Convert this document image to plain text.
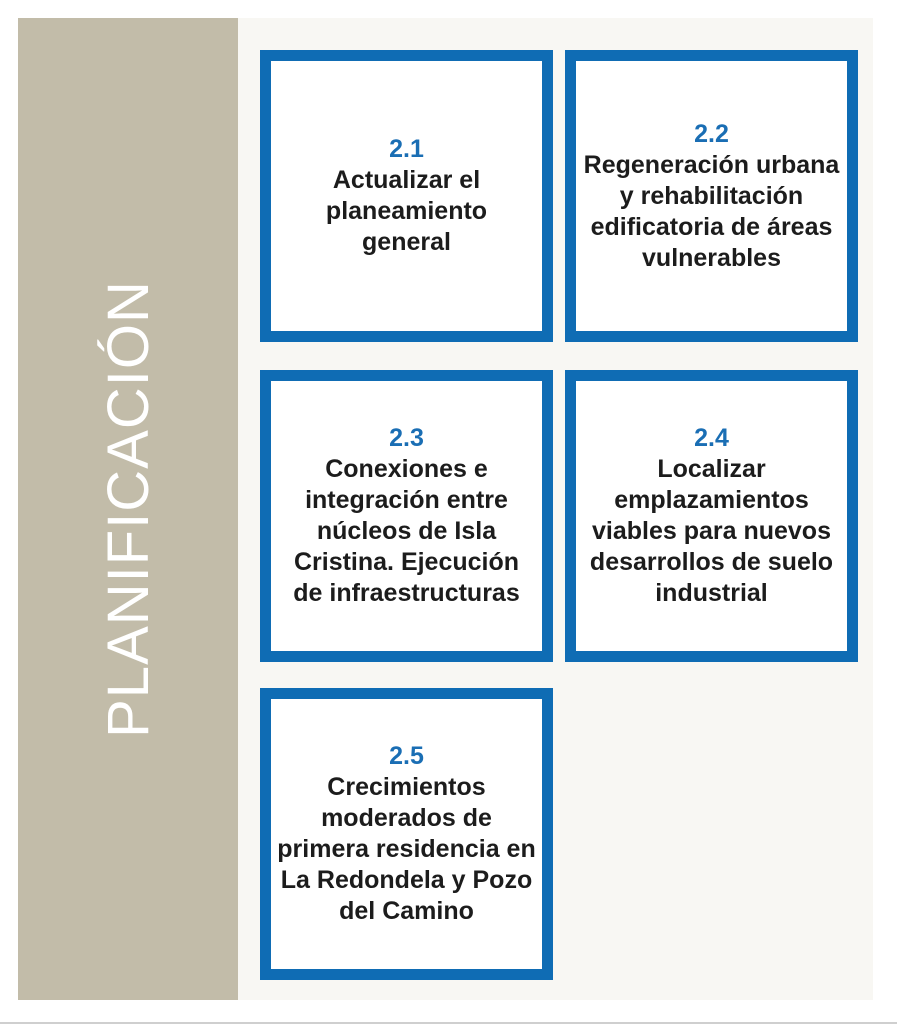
PLANIFICACIÓN
2.1
Actualizar el planeamiento general
2.2
Regeneración urbana y rehabilitación edificatoria de áreas vulnerables
2.3
Conexiones e integración entre núcleos de Isla Cristina. Ejecución de infraestructuras
2.4
Localizar emplazamientos viables para nuevos desarrollos de suelo industrial
2.5
Crecimientos moderados de primera residencia en La Redondela y Pozo del Camino
